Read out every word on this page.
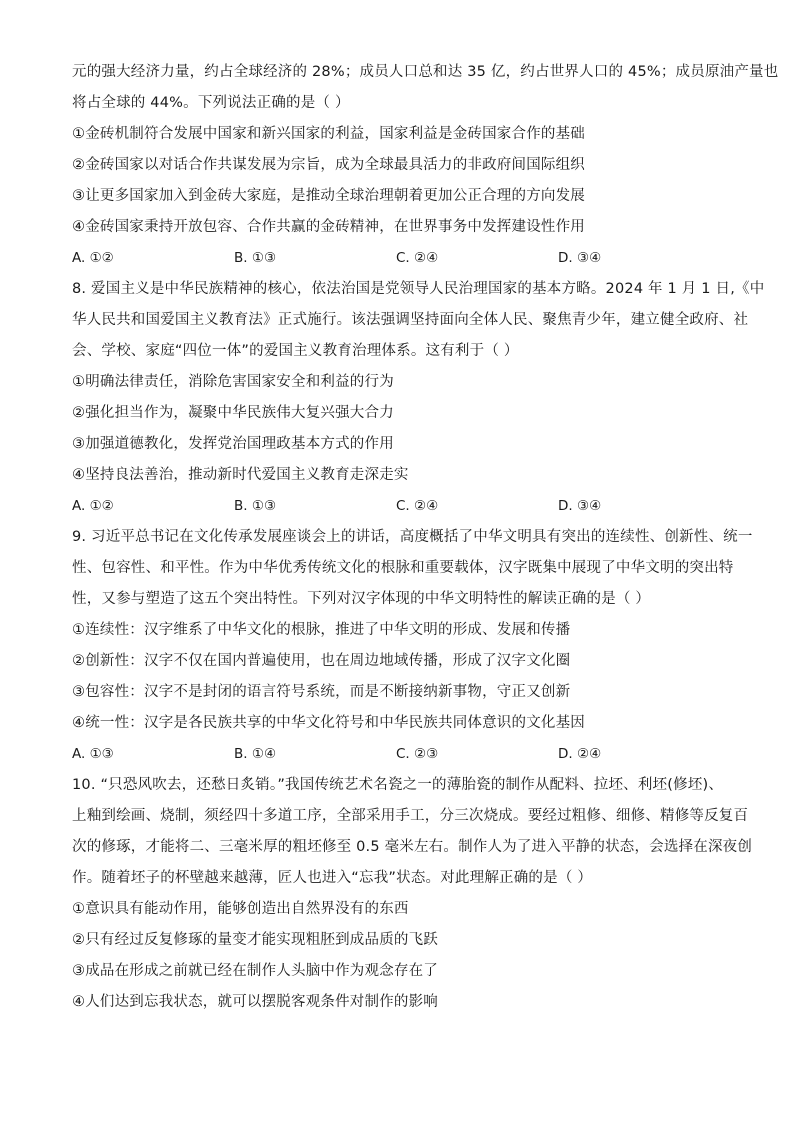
元的强大经济力量，约占全球经济的 28%；成员人口总和达 35 亿，约占世界人口的 45%；成员原油产量也
将占全球的 44%。下列说法正确的是（ ）
①金砖机制符合发展中国家和新兴国家的利益，国家利益是金砖国家合作的基础
②金砖国家以对话合作共谋发展为宗旨，成为全球最具活力的非政府间国际组织
③让更多国家加入到金砖大家庭，是推动全球治理朝着更加公正合理的方向发展
④金砖国家秉持开放包容、合作共赢的金砖精神，在世界事务中发挥建设性作用
A. ①②	B. ①③	C. ②④	D. ③④
8. 爱国主义是中华民族精神的核心，依法治国是党领导人民治理国家的基本方略。2024 年 1 月 1 日,《中
华人民共和国爱国主义教育法》正式施行。该法强调坚持面向全体人民、聚焦青少年，建立健全政府、社
会、学校、家庭“四位一体”的爱国主义教育治理体系。这有利于（ ）
①明确法律责任，消除危害国家安全和利益的行为
②强化担当作为，凝聚中华民族伟大复兴强大合力
③加强道德教化，发挥党治国理政基本方式的作用
④坚持良法善治，推动新时代爱国主义教育走深走实
A. ①②	B. ①③	C. ②④	D. ③④
9. 习近平总书记在文化传承发展座谈会上的讲话，高度概括了中华文明具有突出的连续性、创新性、统一
性、包容性、和平性。作为中华优秀传统文化的根脉和重要载体，汉字既集中展现了中华文明的突出特
性，又参与塑造了这五个突出特性。下列对汉字体现的中华文明特性的解读正确的是（ ）
①连续性：汉字维系了中华文化的根脉，推进了中华文明的形成、发展和传播
②创新性：汉字不仅在国内普遍使用，也在周边地域传播，形成了汉字文化圈
③包容性：汉字不是封闭的语言符号系统，而是不断接纳新事物，守正又创新
④统一性：汉字是各民族共享的中华文化符号和中华民族共同体意识的文化基因
A. ①③	B. ①④	C. ②③	D. ②④
10. “只恐风吹去，还愁日炙销。”我国传统艺术名瓷之一的薄胎瓷的制作从配料、拉坯、利坯(修坯)、
上釉到绘画、烧制，须经四十多道工序，全部采用手工，分三次烧成。要经过粗修、细修、精修等反复百
次的修琢，才能将二、三毫米厚的粗坯修至 0.5 毫米左右。制作人为了进入平静的状态，会选择在深夜创
作。随着坯子的杯壁越来越薄，匠人也进入“忘我”状态。对此理解正确的是（ ）
①意识具有能动作用，能够创造出自然界没有的东西
②只有经过反复修琢的量变才能实现粗胚到成品质的飞跃
③成品在形成之前就已经在制作人头脑中作为观念存在了
④人们达到忘我状态，就可以摆脱客观条件对制作的影响
